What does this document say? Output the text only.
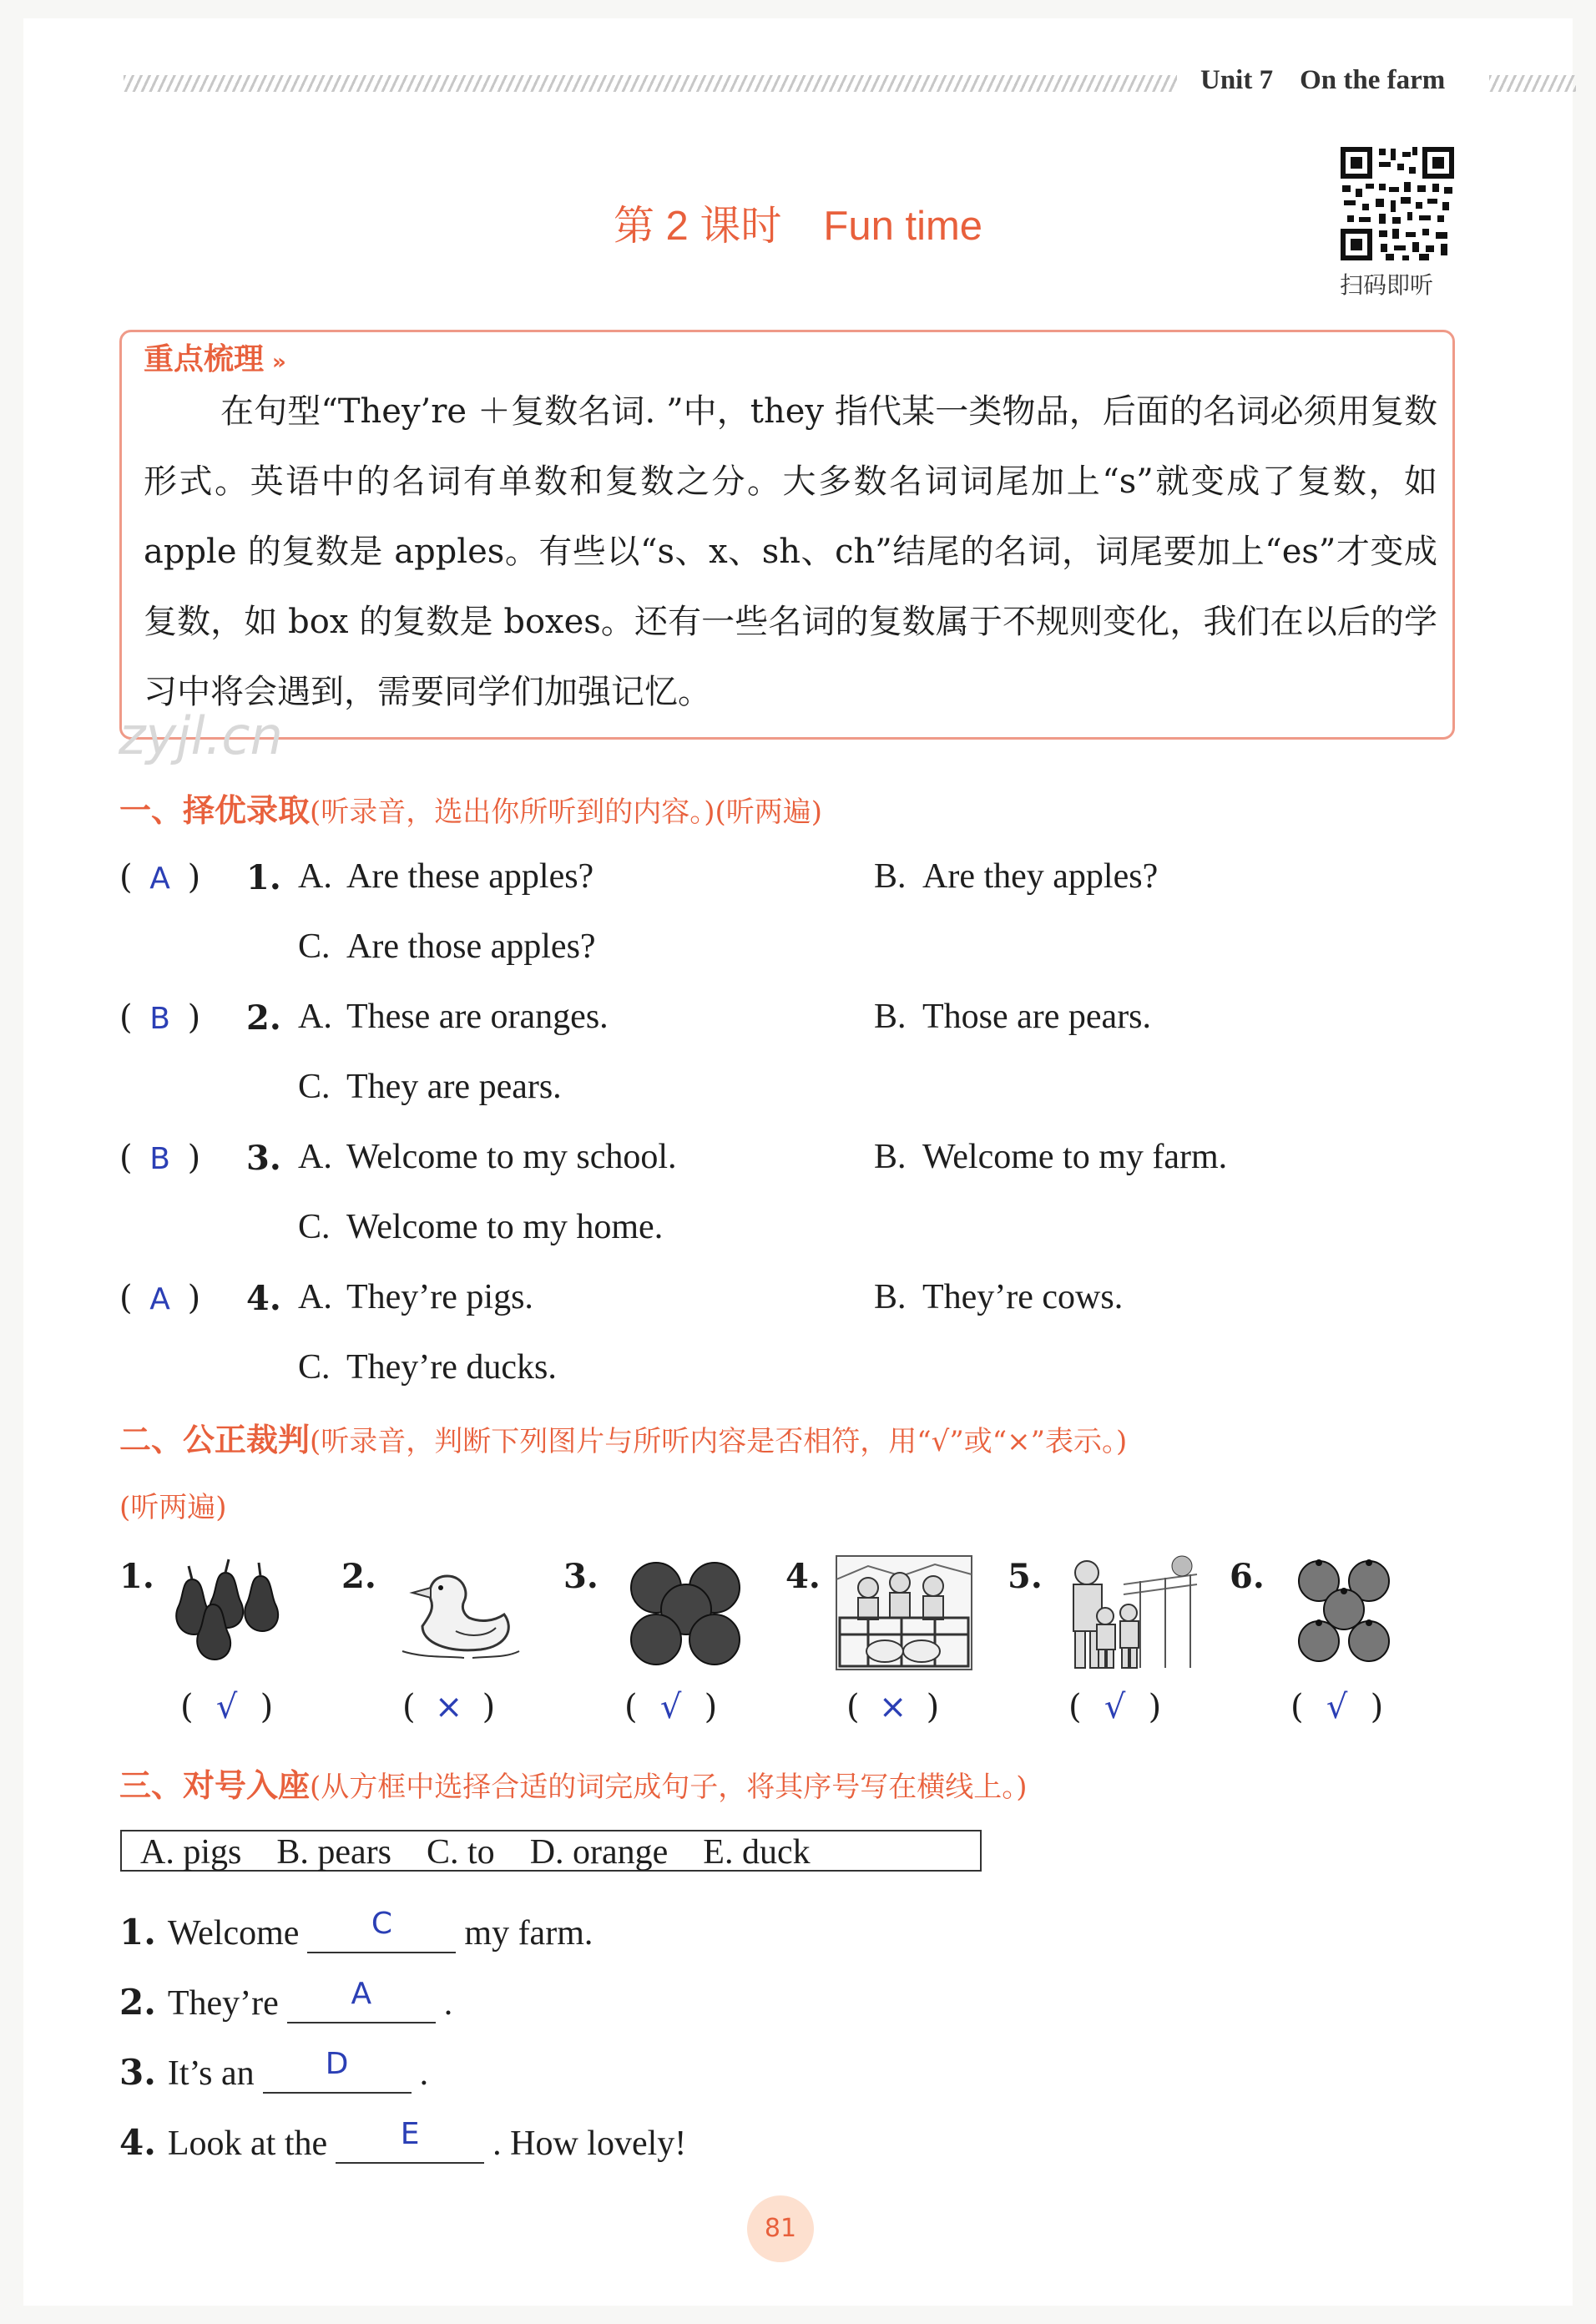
Unit 7 On the farm
第 2 课时 Fun time
扫码即听
重点梳理 »

在句型“They’re ＋复数名词. ”中，they 指代某一类物品，后面的名词必须用复数形式。英语中的名词有单数和复数之分。大多数名词词尾加上“s”就变成了复数，如 apple 的复数是 apples。有些以“s、x、sh、ch”结尾的名词，词尾要加上“es”才变成复数，如 box 的复数是 boxes。还有一些名词的复数属于不规则变化，我们在以后的学习中将会遇到，需要同学们加强记忆。

zyjl.cn
一、择优录取(听录音，选出你所听到的内容。)(听两遍)
( A ) 1. A. Are these apples?	B. Are they apples?
C. Are those apples?
( B ) 2. A. These are oranges.	B. Those are pears.
C. They are pears.
( B ) 3. A. Welcome to my school.	B. Welcome to my farm.
C. Welcome to my home.
( A ) 4. A. They’re pigs.	B. They’re cows.
C. They’re ducks.
二、公正裁判(听录音，判断下列图片与所听内容是否相符，用“√”或“×”表示。)
(听两遍)
1.	2.	3.	4.	5.	6.
( √ )	( × )	( √ )	( × )	( √ )	( √ )
三、对号入座(从方框中选择合适的词完成句子，将其序号写在横线上。)
A. pigs B. pears C. to D. orange E. duck
1. Welcome	C	my farm.
2. They’re	A	.
3. It’s an	D	.
4. Look at the	E	. How lovely!
81
